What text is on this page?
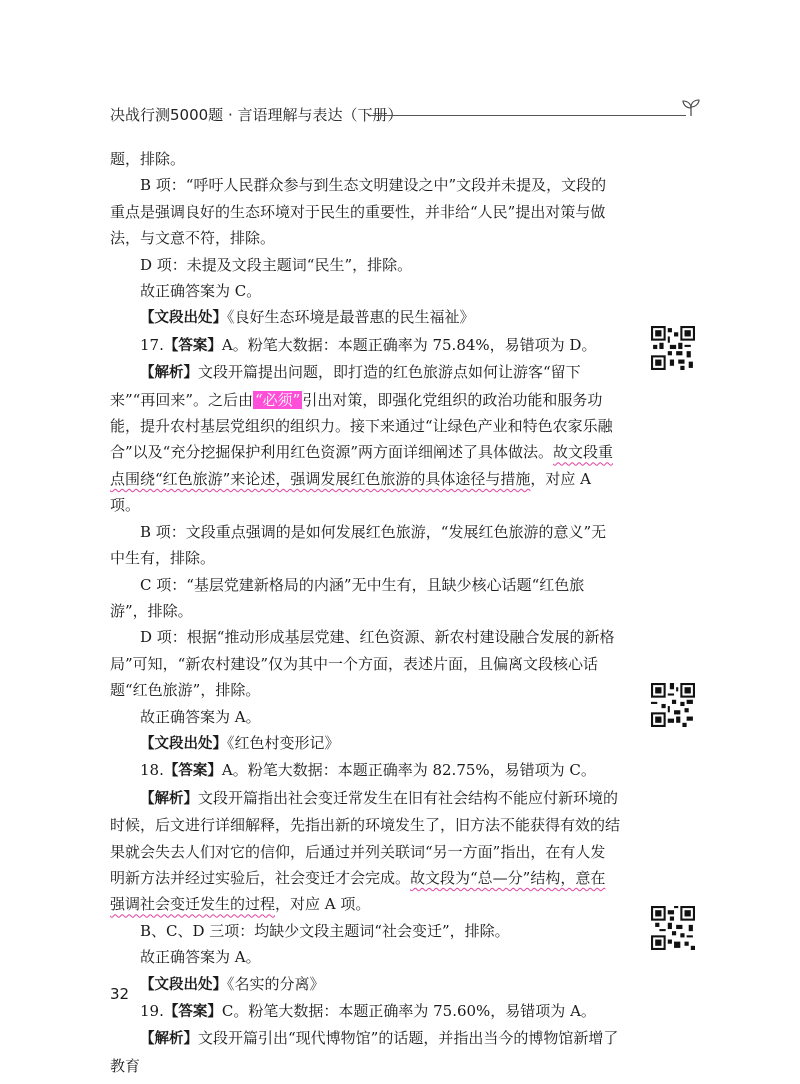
决战行测5000题 · 言语理解与表达（下册）

题，排除。

B 项：“呼吁人民群众参与到生态文明建设之中”文段并未提及，文段的重点是强调良好的生态环境对于民生的重要性，并非给“人民”提出对策与做法，与文意不符，排除。

D 项：未提及文段主题词“民生”，排除。

故正确答案为 C。

【文段出处】《良好生态环境是最普惠的民生福祉》

17.【答案】A。粉笔大数据：本题正确率为 75.84%，易错项为 D。

【解析】文段开篇提出问题，即打造的红色旅游点如何让游客“留下来”“再回来”。之后由 “必须” 引出对策，即强化党组织的政治功能和服务功能，提升农村基层党组织的组织力。接下来通过“让绿色产业和特色农家乐融合”以及“充分挖掘保护利用红色资源”两方面详细阐述了具体做法。故文段重点围绕“红色旅游”来论述，强调发展红色旅游的具体途径与措施，对应 A 项。

B 项：文段重点强调的是如何发展红色旅游，“发展红色旅游的意义”无中生有，排除。

C 项：“基层党建新格局的内涵”无中生有，且缺少核心话题“红色旅游”，排除。

D 项：根据“推动形成基层党建、红色资源、新农村建设融合发展的新格局”可知，“新农村建设”仅为其中一个方面，表述片面，且偏离文段核心话题“红色旅游”，排除。

故正确答案为 A。

【文段出处】《红色村变形记》

18.【答案】A。粉笔大数据：本题正确率为 82.75%，易错项为 C。

【解析】文段开篇指出社会变迁常发生在旧有社会结构不能应付新环境的时候，后文进行详细解释，先指出新的环境发生了，旧方法不能获得有效的结果就会失去人们对它的信仰，后通过并列关联词“另一方面”指出，在有人发明新方法并经过实验后，社会变迁才会完成。故文段为“总—分”结构，意在强调社会变迁发生的过程，对应 A 项。

B、C、D 三项：均缺少文段主题词“社会变迁”，排除。

故正确答案为 A。

【文段出处】《名实的分离》

19.【答案】C。粉笔大数据：本题正确率为 75.60%，易错项为 A。

【解析】文段开篇引出“现代博物馆”的话题，并指出当今的博物馆新增了教育

32
